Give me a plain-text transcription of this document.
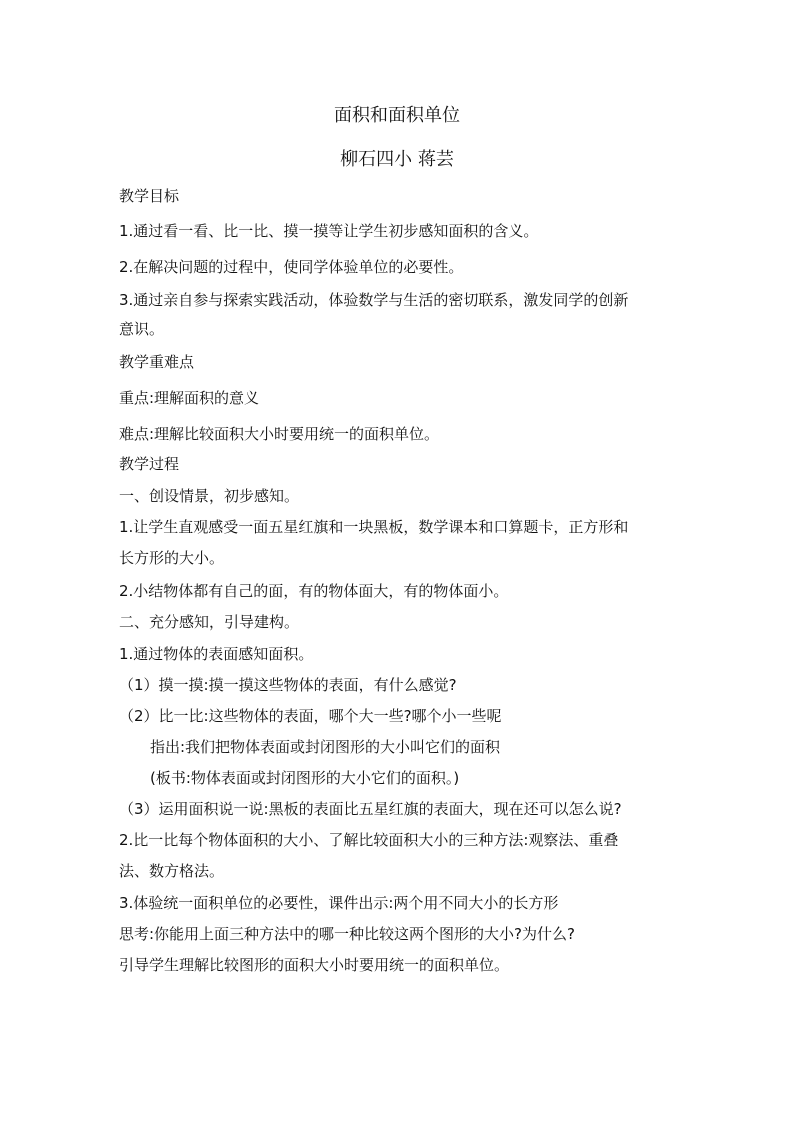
面积和面积单位
柳石四小 蒋芸

教学目标

1.通过看一看、比一比、摸一摸等让学生初步感知面积的含义。

2.在解决问题的过程中，使同学体验单位的必要性。

3.通过亲自参与探索实践活动，体验数学与生活的密切联系，激发同学的创新

意识。

教学重难点

重点:理解面积的意义

难点:理解比较面积大小时要用统一的面积单位。

教学过程

一、创设情景，初步感知。

1.让学生直观感受一面五星红旗和一块黑板，数学课本和口算题卡，正方形和

长方形的大小。

2.小结物体都有自己的面，有的物体面大，有的物体面小。

二、充分感知，引导建构。

1.通过物体的表面感知面积。

（1）摸一摸:摸一摸这些物体的表面，有什么感觉?

（2）比一比:这些物体的表面，哪个大一些?哪个小一些呢

指出:我们把物体表面或封闭图形的大小叫它们的面积

(板书:物体表面或封闭图形的大小它们的面积。)

（3）运用面积说一说:黑板的表面比五星红旗的表面大，现在还可以怎么说?

2.比一比每个物体面积的大小、了解比较面积大小的三种方法:观察法、重叠

法、数方格法。

3.体验统一面积单位的必要性，课件出示:两个用不同大小的长方形

思考:你能用上面三种方法中的哪一种比较这两个图形的大小?为什么?

引导学生理解比较图形的面积大小时要用统一的面积单位。
